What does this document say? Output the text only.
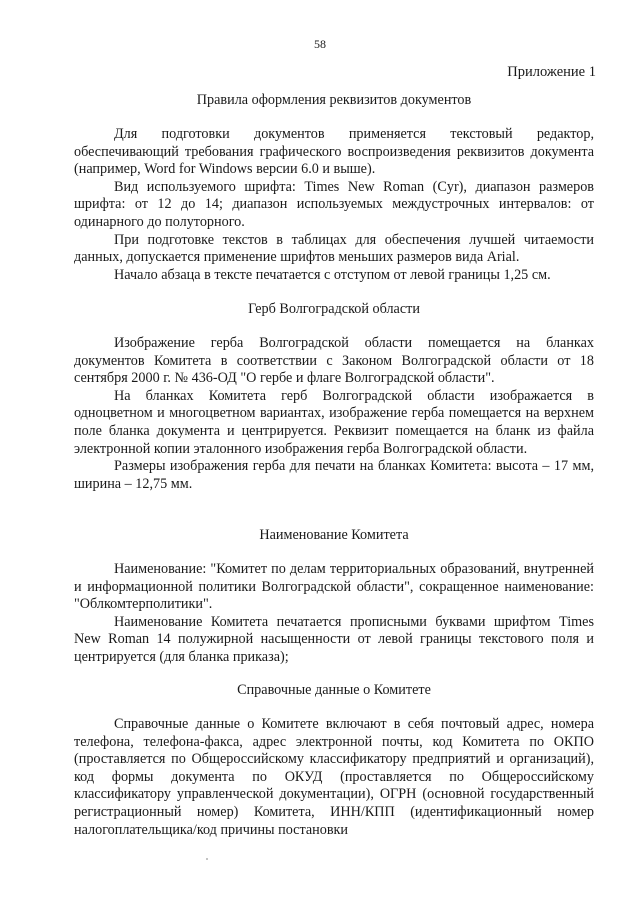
58
Приложение 1
Правила оформления реквизитов документов

Для подготовки документов применяется текстовый редактор, обеспечивающий требования графического воспроизведения реквизитов документа (например, Word for Windows версии 6.0 и выше).

Вид используемого шрифта: Times New Roman (Cyr), диапазон размеров шрифта: от 12 до 14; диапазон используемых междустрочных интервалов: от одинарного до полуторного.

При подготовке текстов в таблицах для обеспечения лучшей читаемости данных, допускается применение шрифтов меньших размеров вида Arial.

Начало абзаца в тексте печатается с отступом от левой границы 1,25 см.

Герб Волгоградской области

Изображение герба Волгоградской области помещается на бланках документов Комитета в соответствии с Законом Волгоградской области от 18 сентября 2000 г. № 436-ОД "О гербе и флаге Волгоградской области".

На бланках Комитета герб Волгоградской области изображается в одноцветном и многоцветном вариантах, изображение герба помещается на верхнем поле бланка документа и центрируется. Реквизит помещается на бланк из файла электронной копии эталонного изображения герба Волгоградской области.

Размеры изображения герба для печати на бланках Комитета: высота – 17 мм, ширина – 12,75 мм.

Наименование Комитета

Наименование: "Комитет по делам территориальных образований, внутренней и информационной политики Волгоградской области", сокращенное наименование: "Облкомтерполитики".

Наименование Комитета печатается прописными буквами шрифтом Times New Roman 14 полужирной насыщенности от левой границы текстового поля и центрируется (для бланка приказа);

Справочные данные о Комитете

Справочные данные о Комитете включают в себя почтовый адрес, номера телефона, телефона-факса, адрес электронной почты, код Комитета по ОКПО (проставляется по Общероссийскому классификатору предприятий и организаций), код формы документа по ОКУД (проставляется по Общероссийскому классификатору управленческой документации), ОГРН (основной государственный регистрационный номер) Комитета, ИНН/КПП (идентификационный номер налогоплательщика/код причины постановки
